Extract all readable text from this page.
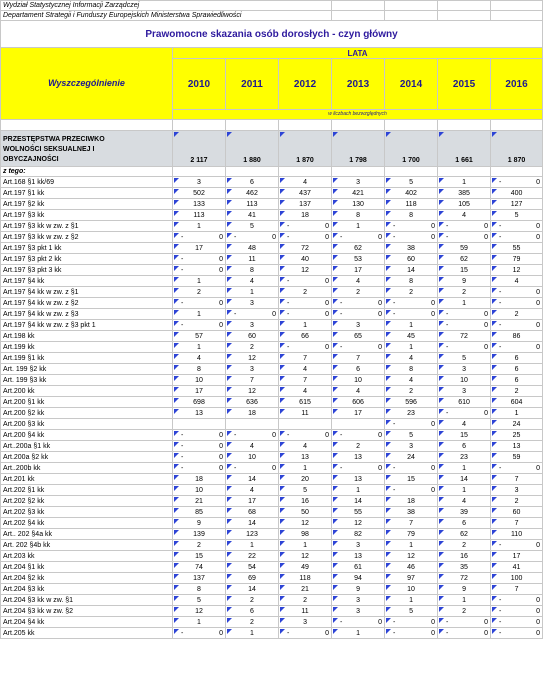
Wydział Statystycznej Informacji Zarządczej							
Departament Strategii i Funduszy Europejskich Ministerstwa Sprawiedliwości							
Prawomocne skazania osób dorosłych - czyn główny							
Wyszczególnienie	LATA						
	2010	2011	2012	2013	2014	2015	2016
	w liczbach bezwzględnych						

PRZESTĘPSTWA PRZECIWKO
WOLNOŚCI SEKSUALNEJ I
OBYCZAJNOŚCI	2 117	1 880	1 870	1 798	1 700	1 661	1 870
z tego:							
Art.168 §1 kk/69	3	6	4	3	5	1	- 0
Art.197 §1 kk	502	462	437	421	402	385	400
Art.197 §2 kk	133	113	137	130	118	105	127
Art.197 §3 kk	113	41	18	8	8	4	5
Art.197 §3 kk w zw. z §1	1	5	- 0	1	- 0	- 0	- 0
Art.197 §3 kk w zw. z §2	- 0	- 0	- 0	- 0	- 0	- 0	- 0
Art.197 §3 pkt 1 kk	17	48	72	62	38	59	55
Art.197 §3 pkt 2 kk	- 0	11	40	53	60	62	79
Art.197 §3 pkt 3 kk	- 0	8	12	17	14	15	12
Art.197 §4 kk	1	4	- 0	4	8	9	4
Art.197 §4 kk w zw. z §1	2	1	2	2	2	2	- 0
Art.197 §4 kk w zw. z §2	- 0	3	- 0	- 0	- 0	1	- 0
Art.197 §4 kk w zw. z §3	1	- 0	- 0	- 0	- 0	- 0	2
Art.197 §4 kk w zw. z §3 pkt 1	- 0	3	1	3	1	- 0	- 0
Art.198 kk	57	60	66	65	45	72	86
Art.199 kk	1	2	- 0	- 0	1	- 0	- 0
Art.199 §1 kk	4	12	7	7	4	5	6
Art. 199 §2 kk	8	3	4	6	8	3	6
Art. 199 §3 kk	10	7	7	10	4	10	6
Art.200 kk	17	12	4	4	2	3	2
Art.200 §1 kk	698	636	615	606	596	610	604
Art.200 §2 kk	13	18	11	17	23	- 0	1
Art.200 §3 kk					- 0	4	24
Art.200 §4 kk	- 0	- 0	- 0	- 0	5	15	25
Art..200a §1 kk	- 0	4	4	2	3	6	13
Art.200a §2 kk	- 0	10	13	13	24	23	59
Art..200b kk	- 0	- 0	1	- 0	- 0	1	- 0
Art.201 kk	18	14	20	13	15	14	7
Art.202 §1 kk	10	4	5	1	- 0	1	3
Art.202 §2 kk	21	17	16	14	18	4	2
Art.202 §3 kk	85	68	50	55	38	39	60
Art.202 §4 kk	9	14	12	12	7	6	7
Art.. 202 §4a kk	139	123	98	82	79	62	110
Art. 202 §4b kk	2	1	1	3	1	2	- 0
Art.203 kk	15	22	12	13	12	16	17
Art.204 §1 kk	74	54	49	61	46	35	41
Art.204 §2 kk	137	69	118	94	97	72	100
Art.204 §3 kk	8	14	21	9	10	9	7
Art.204 §3 kk w zw. §1	5	2	2	3	1	1	- 0
Art.204 §3 kk w zw. §2	12	6	11	3	5	2	- 0
Art.204 §4 kk	1	2	3	- 0	- 0	- 0	- 0
Art.205 kk	- 0	1	- 0	1	- 0	- 0	- 0
